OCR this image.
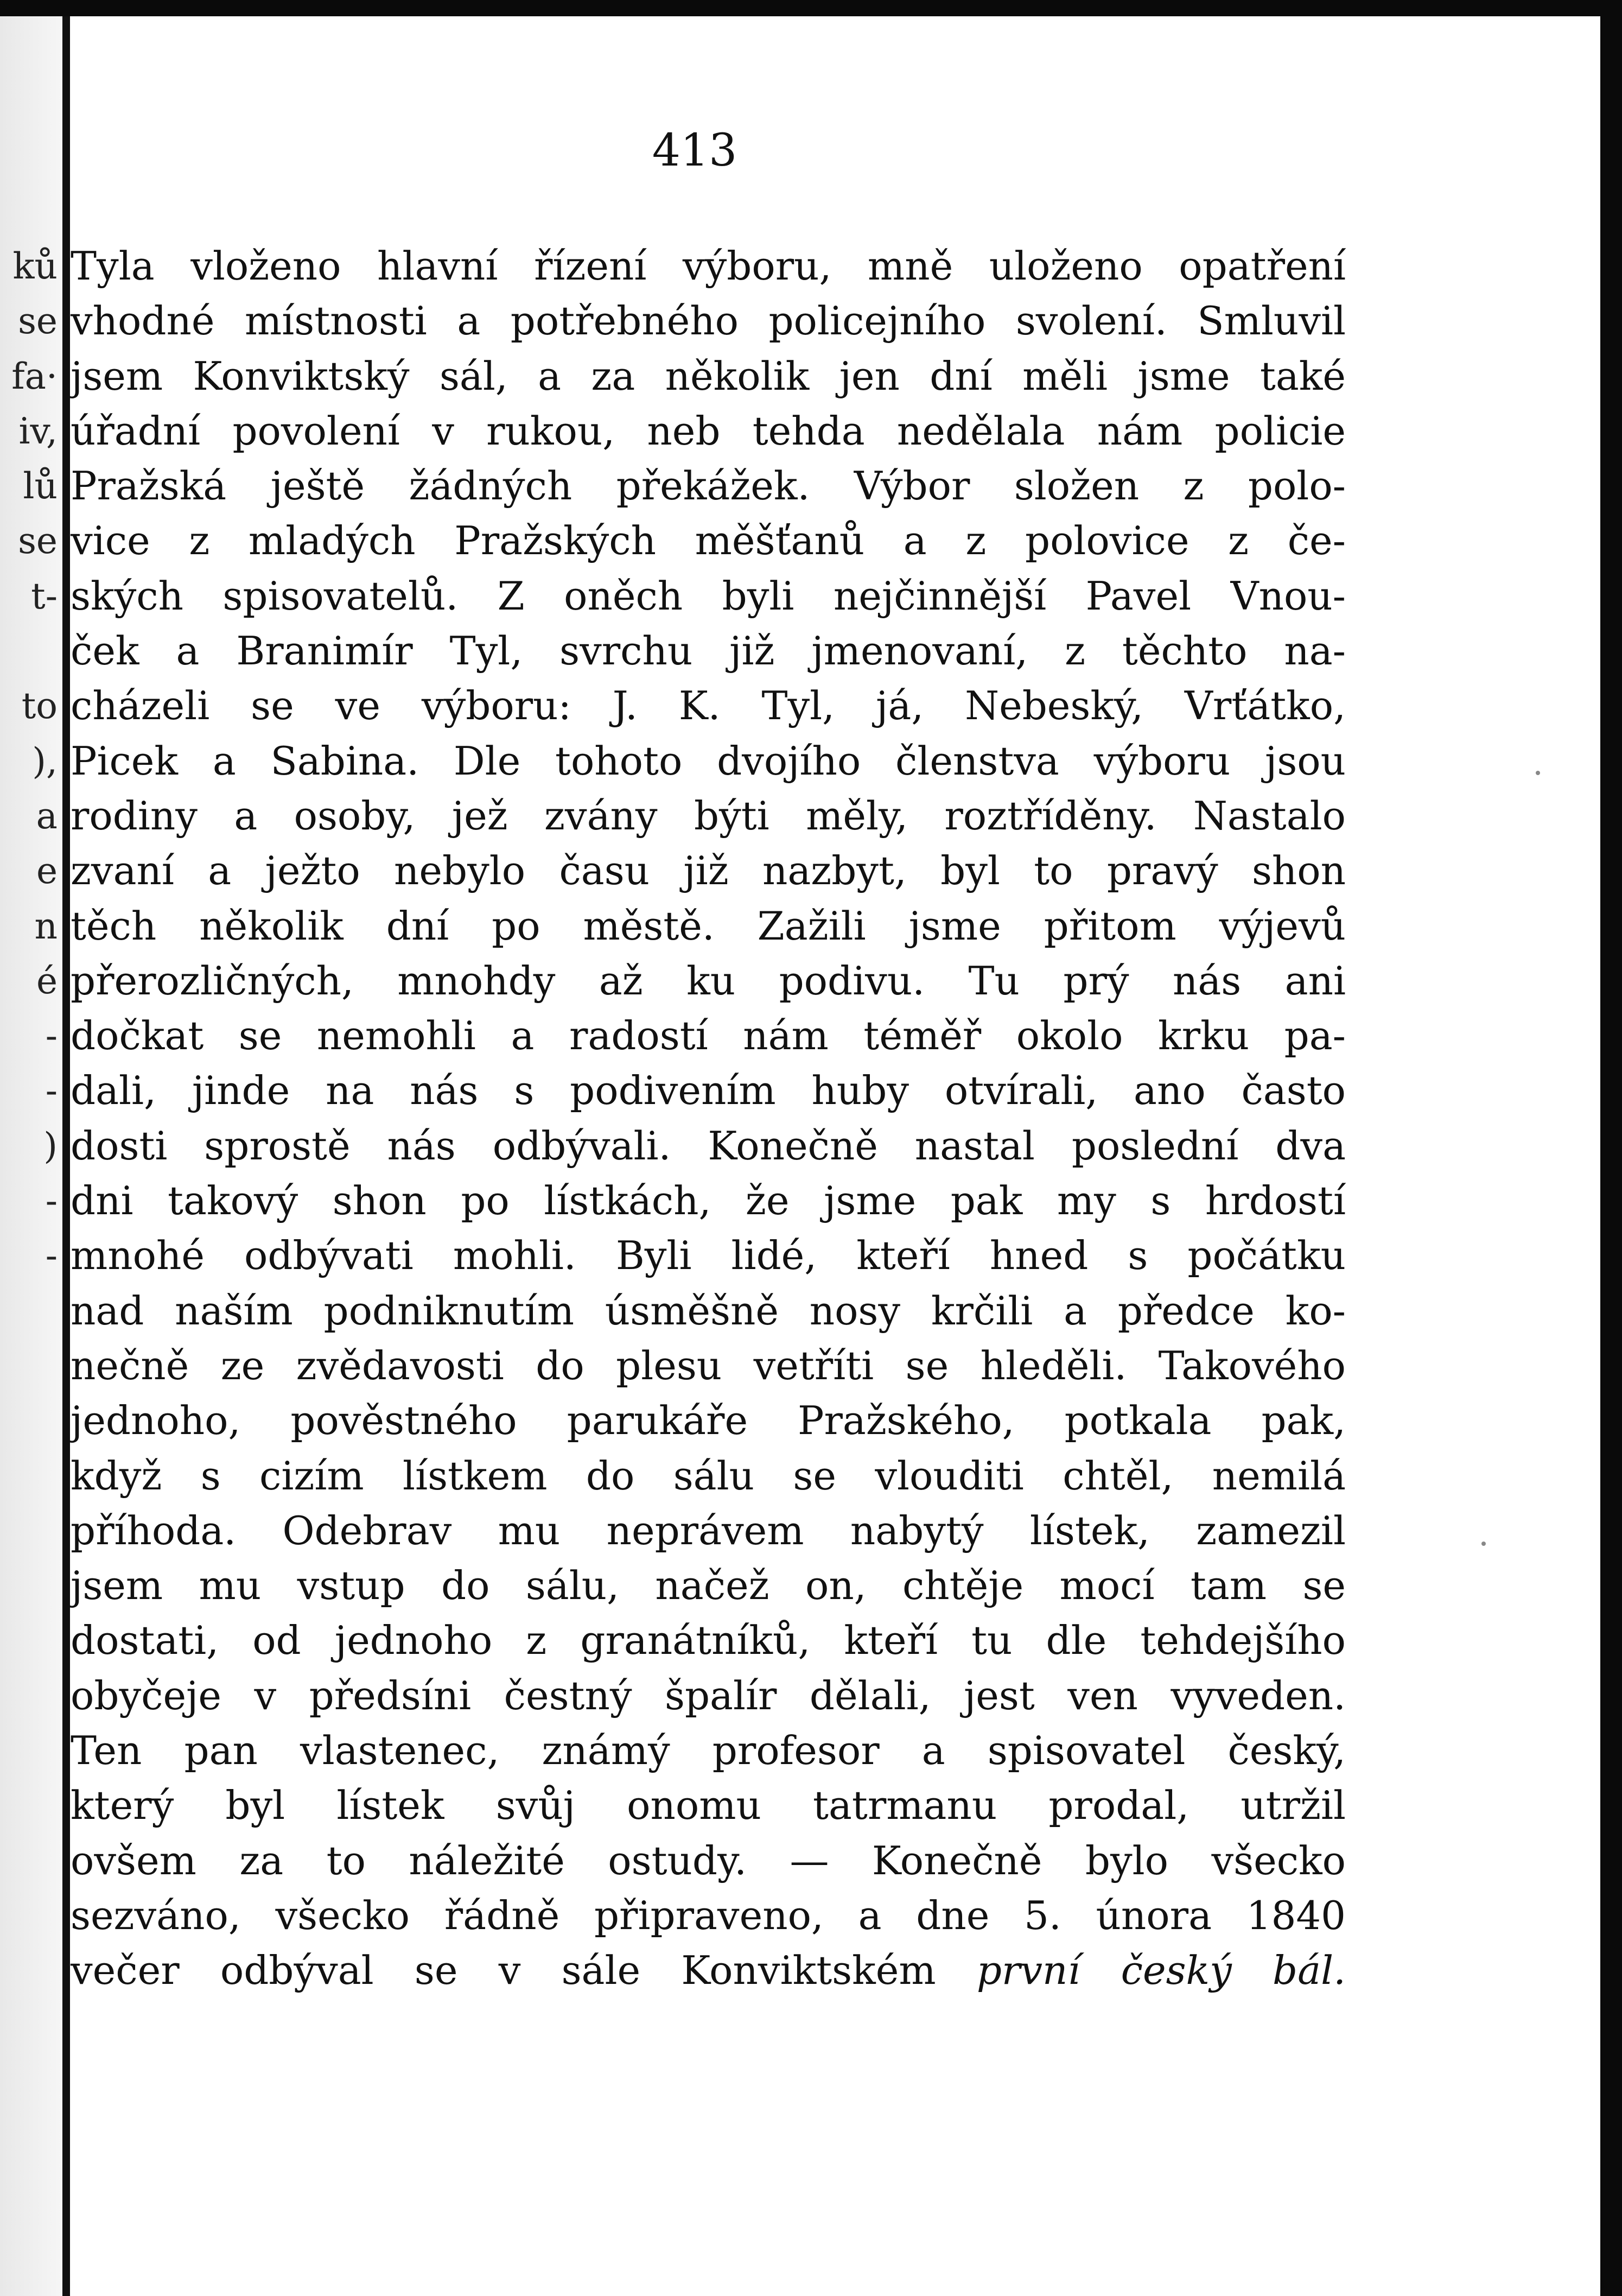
ků
se
fa·
iv,
lů
se
t-
to
),
a
e
n
é
-
-
)
-
-
413
Tyla vloženo hlavní řízení výboru, mně uloženo opatření
vhodné místnosti a potřebného policejního svolení. Smluvil
jsem Konviktský sál, a za několik jen dní měli jsme také
úřadní povolení v rukou, neb tehda nedělala nám policie
Pražská ještě žádných překážek. Výbor složen z polo-
vice z mladých Pražských měšťanů a z polovice z če-
ských spisovatelů. Z oněch byli nejčinnější Pavel Vnou-
ček a Branimír Tyl, svrchu již jmenovaní, z těchto na-
cházeli se ve výboru: J. K. Tyl, já, Nebeský, Vrťátko,
Picek a Sabina. Dle tohoto dvojího členstva výboru jsou
rodiny a osoby, jež zvány býti měly, roztříděny. Nastalo
zvaní a ježto nebylo času již nazbyt, byl to pravý shon
těch několik dní po městě. Zažili jsme přitom výjevů
přerozličných, mnohdy až ku podivu. Tu prý nás ani
dočkat se nemohli a radostí nám téměř okolo krku pa-
dali, jinde na nás s podivením huby otvírali, ano často
dosti sprostě nás odbývali. Konečně nastal poslední dva
dni takový shon po lístkách, že jsme pak my s hrdostí
mnohé odbývati mohli. Byli lidé, kteří hned s počátku
nad naším podniknutím úsměšně nosy krčili a předce ko-
nečně ze zvědavosti do plesu vetříti se hleděli. Takového
jednoho, pověstného parukáře Pražského, potkala pak,
když s cizím lístkem do sálu se vlouditi chtěl, nemilá
příhoda. Odebrav mu neprávem nabytý lístek, zamezil
jsem mu vstup do sálu, načež on, chtěje mocí tam se
dostati, od jednoho z granátníků, kteří tu dle tehdejšího
obyčeje v předsíni čestný špalír dělali, jest ven vyveden.
Ten pan vlastenec, známý profesor a spisovatel český,
který byl lístek svůj onomu tatrmanu prodal, utržil
ovšem za to náležité ostudy. — Konečně bylo všecko
sezváno, všecko řádně připraveno, a dne 5. února 1840
večer odbýval se v sále Konviktském první český bál.
